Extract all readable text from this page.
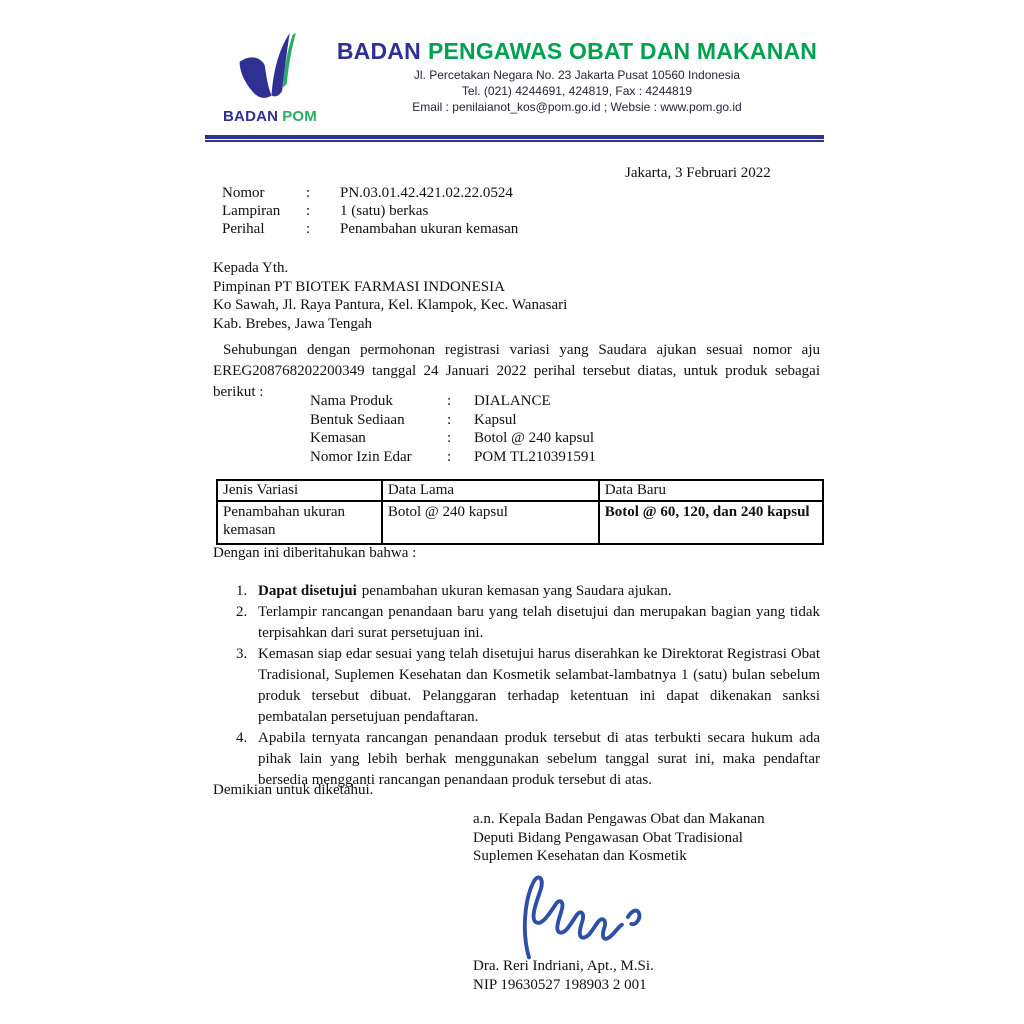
BADAN POM
BADAN PENGAWAS OBAT DAN MAKANAN
Jl. Percetakan Negara No. 23 Jakarta Pusat 10560 Indonesia
Tel. (021) 4244691, 424819, Fax : 4244819
Email : penilaianot_kos@pom.go.id ; Websie : www.pom.go.id
Jakarta, 3 Februari 2022
Nomor	:	PN.03.01.42.421.02.22.0524
Lampiran	:	1 (satu) berkas
Perihal	:	Penambahan ukuran kemasan
Kepada Yth.
Pimpinan PT BIOTEK FARMASI INDONESIA
Ko Sawah, Jl. Raya Pantura, Kel. Klampok, Kec. Wanasari
Kab. Brebes, Jawa Tengah
Sehubungan dengan permohonan registrasi variasi yang Saudara ajukan sesuai nomor aju EREG208768202200349 tanggal 24 Januari 2022 perihal tersebut diatas, untuk produk sebagai berikut :
Nama Produk	:	DIALANCE
Bentuk Sediaan	:	Kapsul
Kemasan	:	Botol @ 240 kapsul
Nomor Izin Edar	:	POM TL210391591
Jenis Variasi	Data Lama	Data Baru
Penambahan ukuran kemasan	Botol @ 240 kapsul	Botol @ 60, 120, dan 240 kapsul
Dengan ini diberitahukan bahwa :
1. Dapat disetujui penambahan ukuran kemasan yang Saudara ajukan.
2. Terlampir rancangan penandaan baru yang telah disetujui dan merupakan bagian yang tidak terpisahkan dari surat persetujuan ini.
3. Kemasan siap edar sesuai yang telah disetujui harus diserahkan ke Direktorat Registrasi Obat Tradisional, Suplemen Kesehatan dan Kosmetik selambat-lambatnya 1 (satu) bulan sebelum produk tersebut dibuat. Pelanggaran terhadap ketentuan ini dapat dikenakan sanksi pembatalan persetujuan pendaftaran.
4. Apabila ternyata rancangan penandaan produk tersebut di atas terbukti secara hukum ada pihak lain yang lebih berhak menggunakan sebelum tanggal surat ini, maka pendaftar bersedia mengganti rancangan penandaan produk tersebut di atas.
Demikian untuk diketahui.
a.n. Kepala Badan Pengawas Obat dan Makanan
Deputi Bidang Pengawasan Obat Tradisional
Suplemen Kesehatan dan Kosmetik
Dra. Reri Indriani, Apt., M.Si.
NIP 19630527 198903 2 001
